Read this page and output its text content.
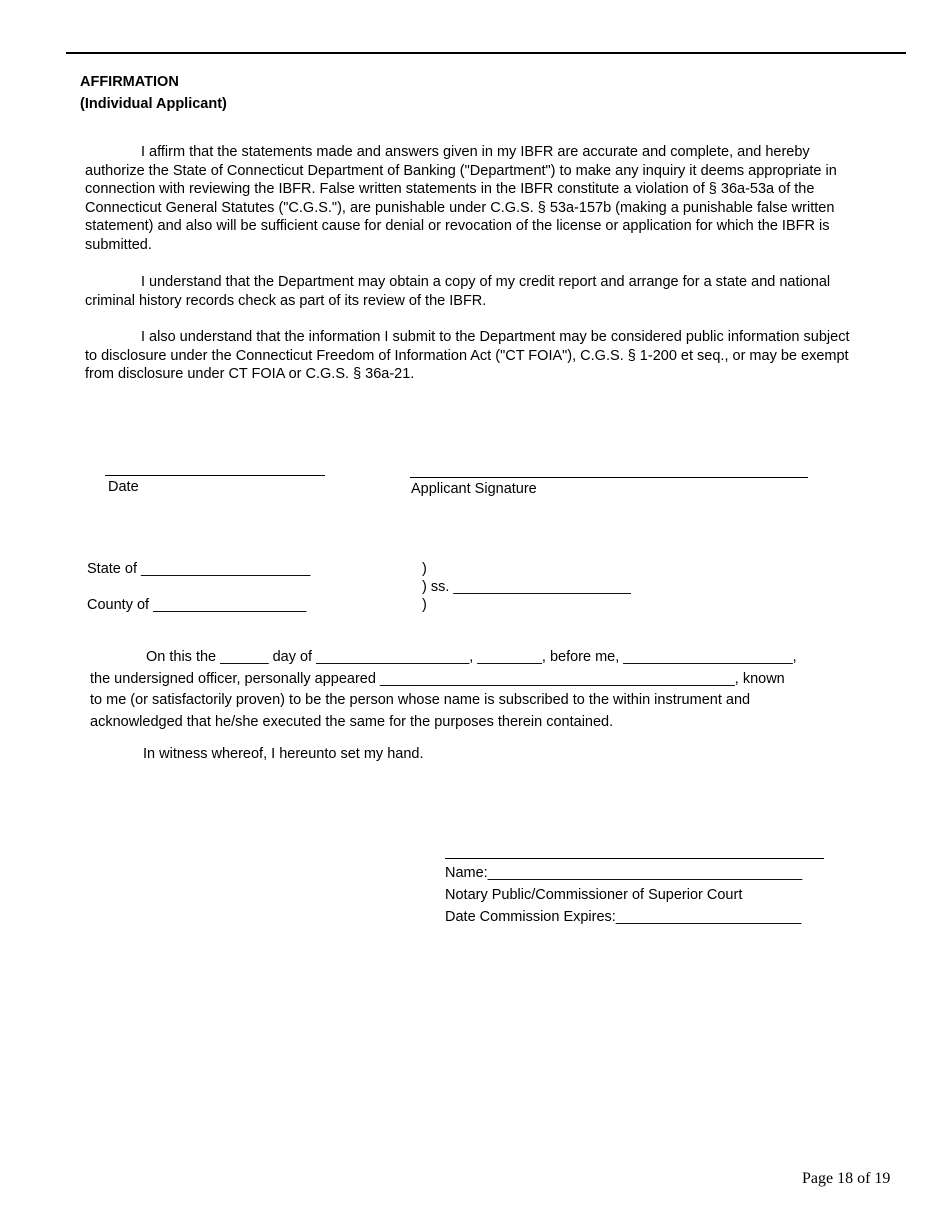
AFFIRMATION
(Individual Applicant)
I affirm that the statements made and answers given in my IBFR are accurate and complete, and hereby authorize the State of Connecticut Department of Banking ("Department") to make any inquiry it deems appropriate in connection with reviewing the IBFR. False written statements in the IBFR constitute a violation of § 36a-53a of the Connecticut General Statutes ("C.G.S."), are punishable under C.G.S. § 53a-157b (making a punishable false written statement) and also will be sufficient cause for denial or revocation of the license or application for which the IBFR is submitted.
I understand that the Department may obtain a copy of my credit report and arrange for a state and national criminal history records check as part of its review of the IBFR.
I also understand that the information I submit to the Department may be considered public information subject to disclosure under the Connecticut Freedom of Information Act ("CT FOIA"), C.G.S. § 1-200 et seq., or may be exempt from disclosure under CT FOIA or C.G.S. § 36a-21.
Date	Applicant Signature
State of _____________________
County of ___________________
)
) ss. ______________________
)
On this the ______ day of ___________________, ________, before me, _____________________,
the undersigned officer, personally appeared ____________________________________________, known
to me (or satisfactorily proven) to be the person whose name is subscribed to the within instrument and
acknowledged that he/she executed the same for the purposes therein contained.
In witness whereof, I hereunto set my hand.
Name:_______________________________________
Notary Public/Commissioner of Superior Court
Date Commission Expires:_______________________
Page 18 of 19
